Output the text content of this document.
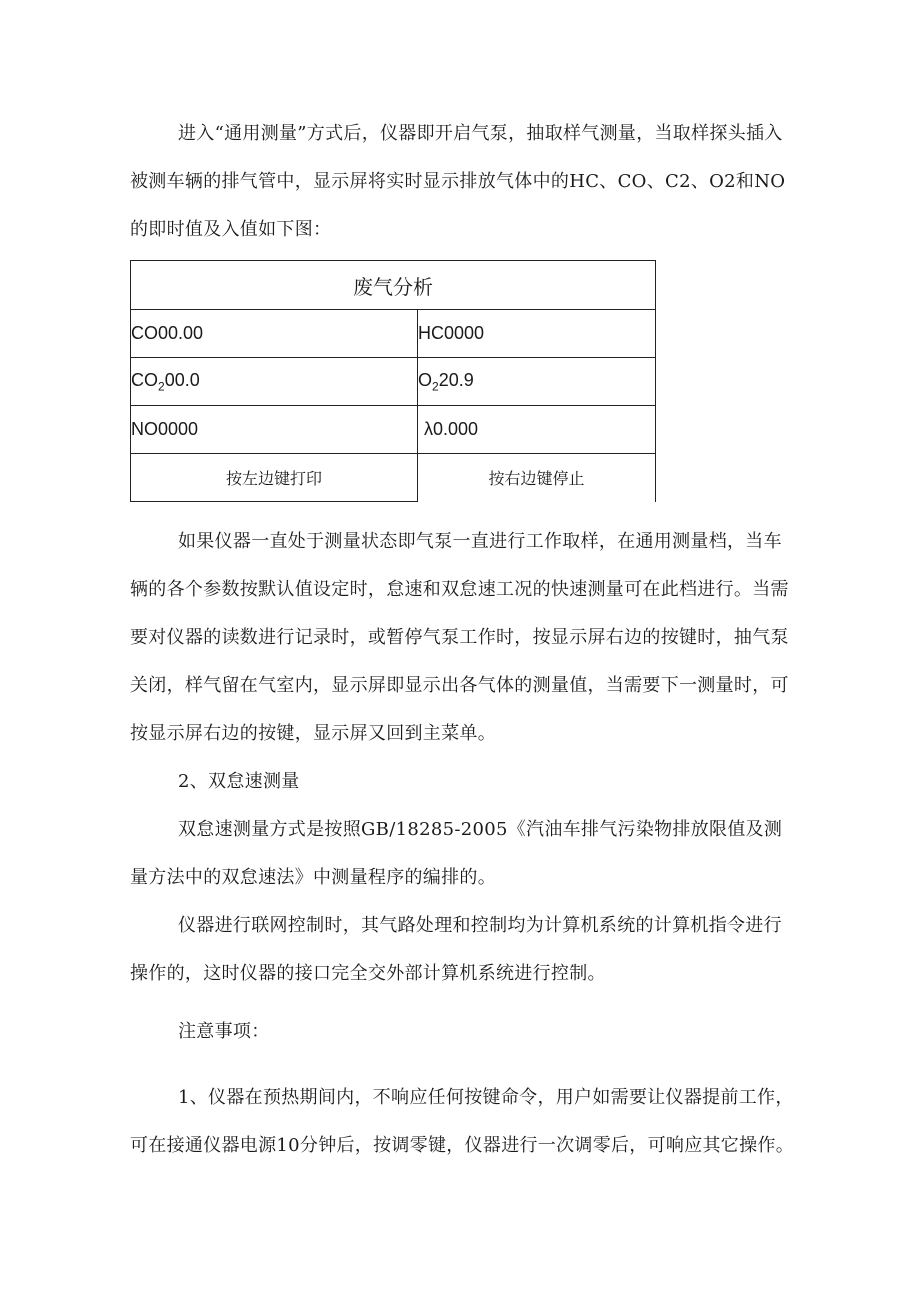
进入“通用测量”方式后，仪器即开启气泵，抽取样气测量，当取样探头插入被测车辆的排气管中，显示屏将实时显示排放气体中的HC、CO、C2、O2和NO的即时值及入值如下图：

废气分析	
CO00.00	HC0000
$CO_200.0$	$O_220.9$
NO0000	λ0.000
按左边键打印	按右边键停止

如果仪器一直处于测量状态即气泵一直进行工作取样，在通用测量档，当车辆的各个参数按默认值设定时，怠速和双怠速工况的快速测量可在此档进行。当需要对仪器的读数进行记录时，或暂停气泵工作时，按显示屏右边的按键时，抽气泵关闭，样气留在气室内，显示屏即显示出各气体的测量值，当需要下一测量时，可按显示屏右边的按键，显示屏又回到主菜单。

2、双怠速测量

双怠速测量方式是按照GB/18285-2005《汽油车排气污染物排放限值及测量方法中的双怠速法》中测量程序的编排的。

仪器进行联网控制时，其气路处理和控制均为计算机系统的计算机指令进行操作的，这时仪器的接口完全交外部计算机系统进行控制。

注意事项：

1、仪器在预热期间内，不响应任何按键命令，用户如需要让仪器提前工作，可在接通仪器电源10分钟后，按调零键，仪器进行一次调零后，可响应其它操作。
